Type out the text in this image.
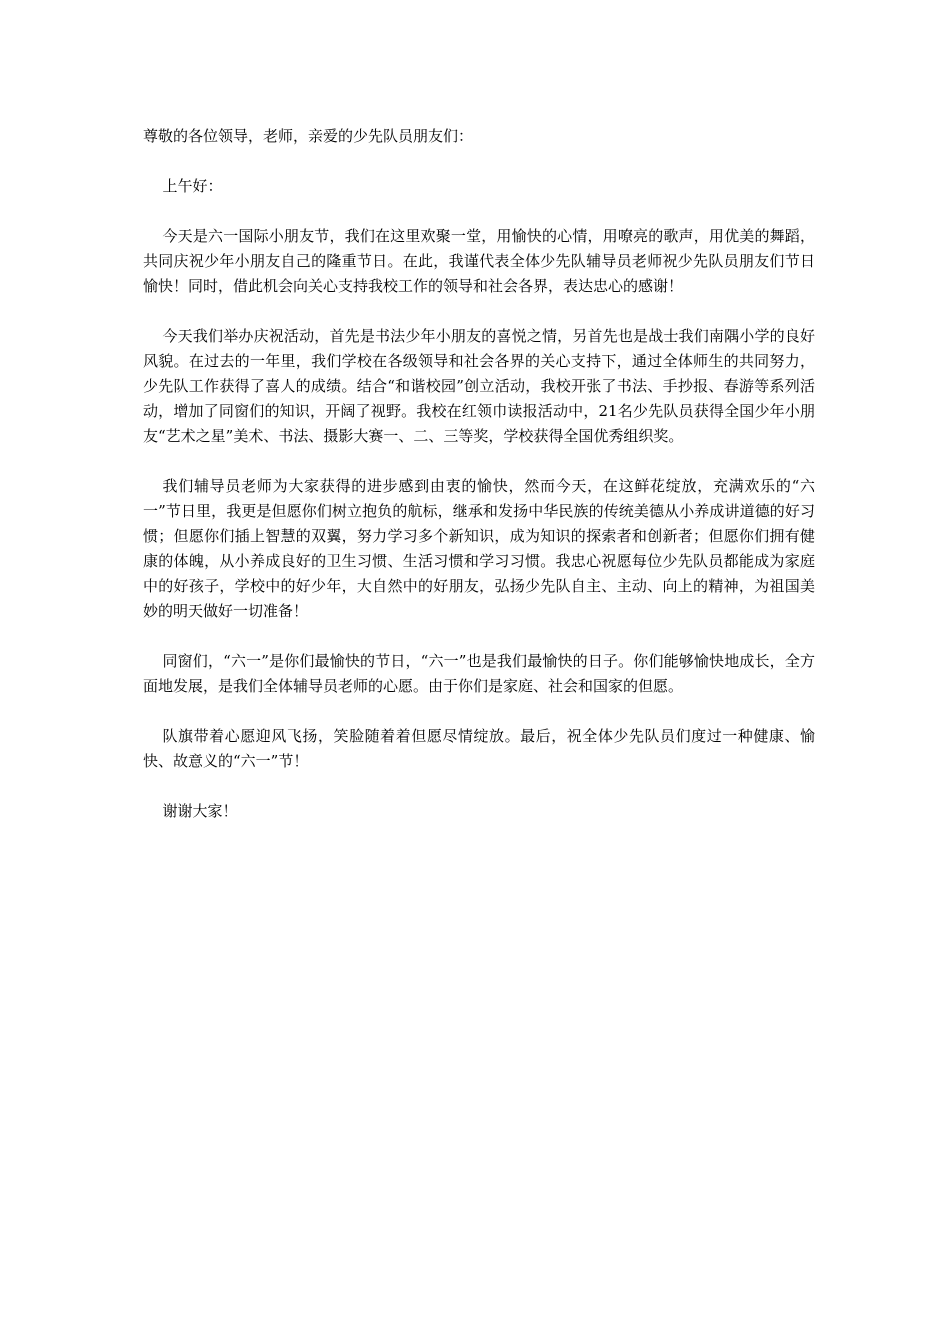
尊敬的各位领导，老师，亲爱的少先队员朋友们：

上午好：

今天是六一国际小朋友节，我们在这里欢聚一堂，用愉快的心情，用嘹亮的歌声，用优美的舞蹈，共同庆祝少年小朋友自己的隆重节日。在此，我谨代表全体少先队辅导员老师祝少先队员朋友们节日愉快！同时，借此机会向关心支持我校工作的领导和社会各界，表达忠心的感谢！

今天我们举办庆祝活动，首先是书法少年小朋友的喜悦之情，另首先也是战士我们南隅小学的良好风貌。在过去的一年里，我们学校在各级领导和社会各界的关心支持下，通过全体师生的共同努力，少先队工作获得了喜人的成绩。结合“和谐校园”创立活动，我校开张了书法、手抄报、春游等系列活动，增加了同窗们的知识，开阔了视野。我校在红领巾读报活动中，21名少先队员获得全国少年小朋友“艺术之星”美术、书法、摄影大赛一、二、三等奖，学校获得全国优秀组织奖。

我们辅导员老师为大家获得的进步感到由衷的愉快，然而今天，在这鲜花绽放，充满欢乐的“六一”节日里，我更是但愿你们树立抱负的航标，继承和发扬中华民族的传统美德从小养成讲道德的好习惯；但愿你们插上智慧的双翼，努力学习多个新知识，成为知识的探索者和创新者；但愿你们拥有健康的体魄，从小养成良好的卫生习惯、生活习惯和学习习惯。我忠心祝愿每位少先队员都能成为家庭中的好孩子，学校中的好少年，大自然中的好朋友，弘扬少先队自主、主动、向上的精神，为祖国美妙的明天做好一切准备！

同窗们，“六一”是你们最愉快的节日，“六一”也是我们最愉快的日子。你们能够愉快地成长，全方面地发展，是我们全体辅导员老师的心愿。由于你们是家庭、社会和国家的但愿。

队旗带着心愿迎风飞扬，笑脸随着着但愿尽情绽放。最后，祝全体少先队员们度过一种健康、愉快、故意义的“六一”节！

谢谢大家！
